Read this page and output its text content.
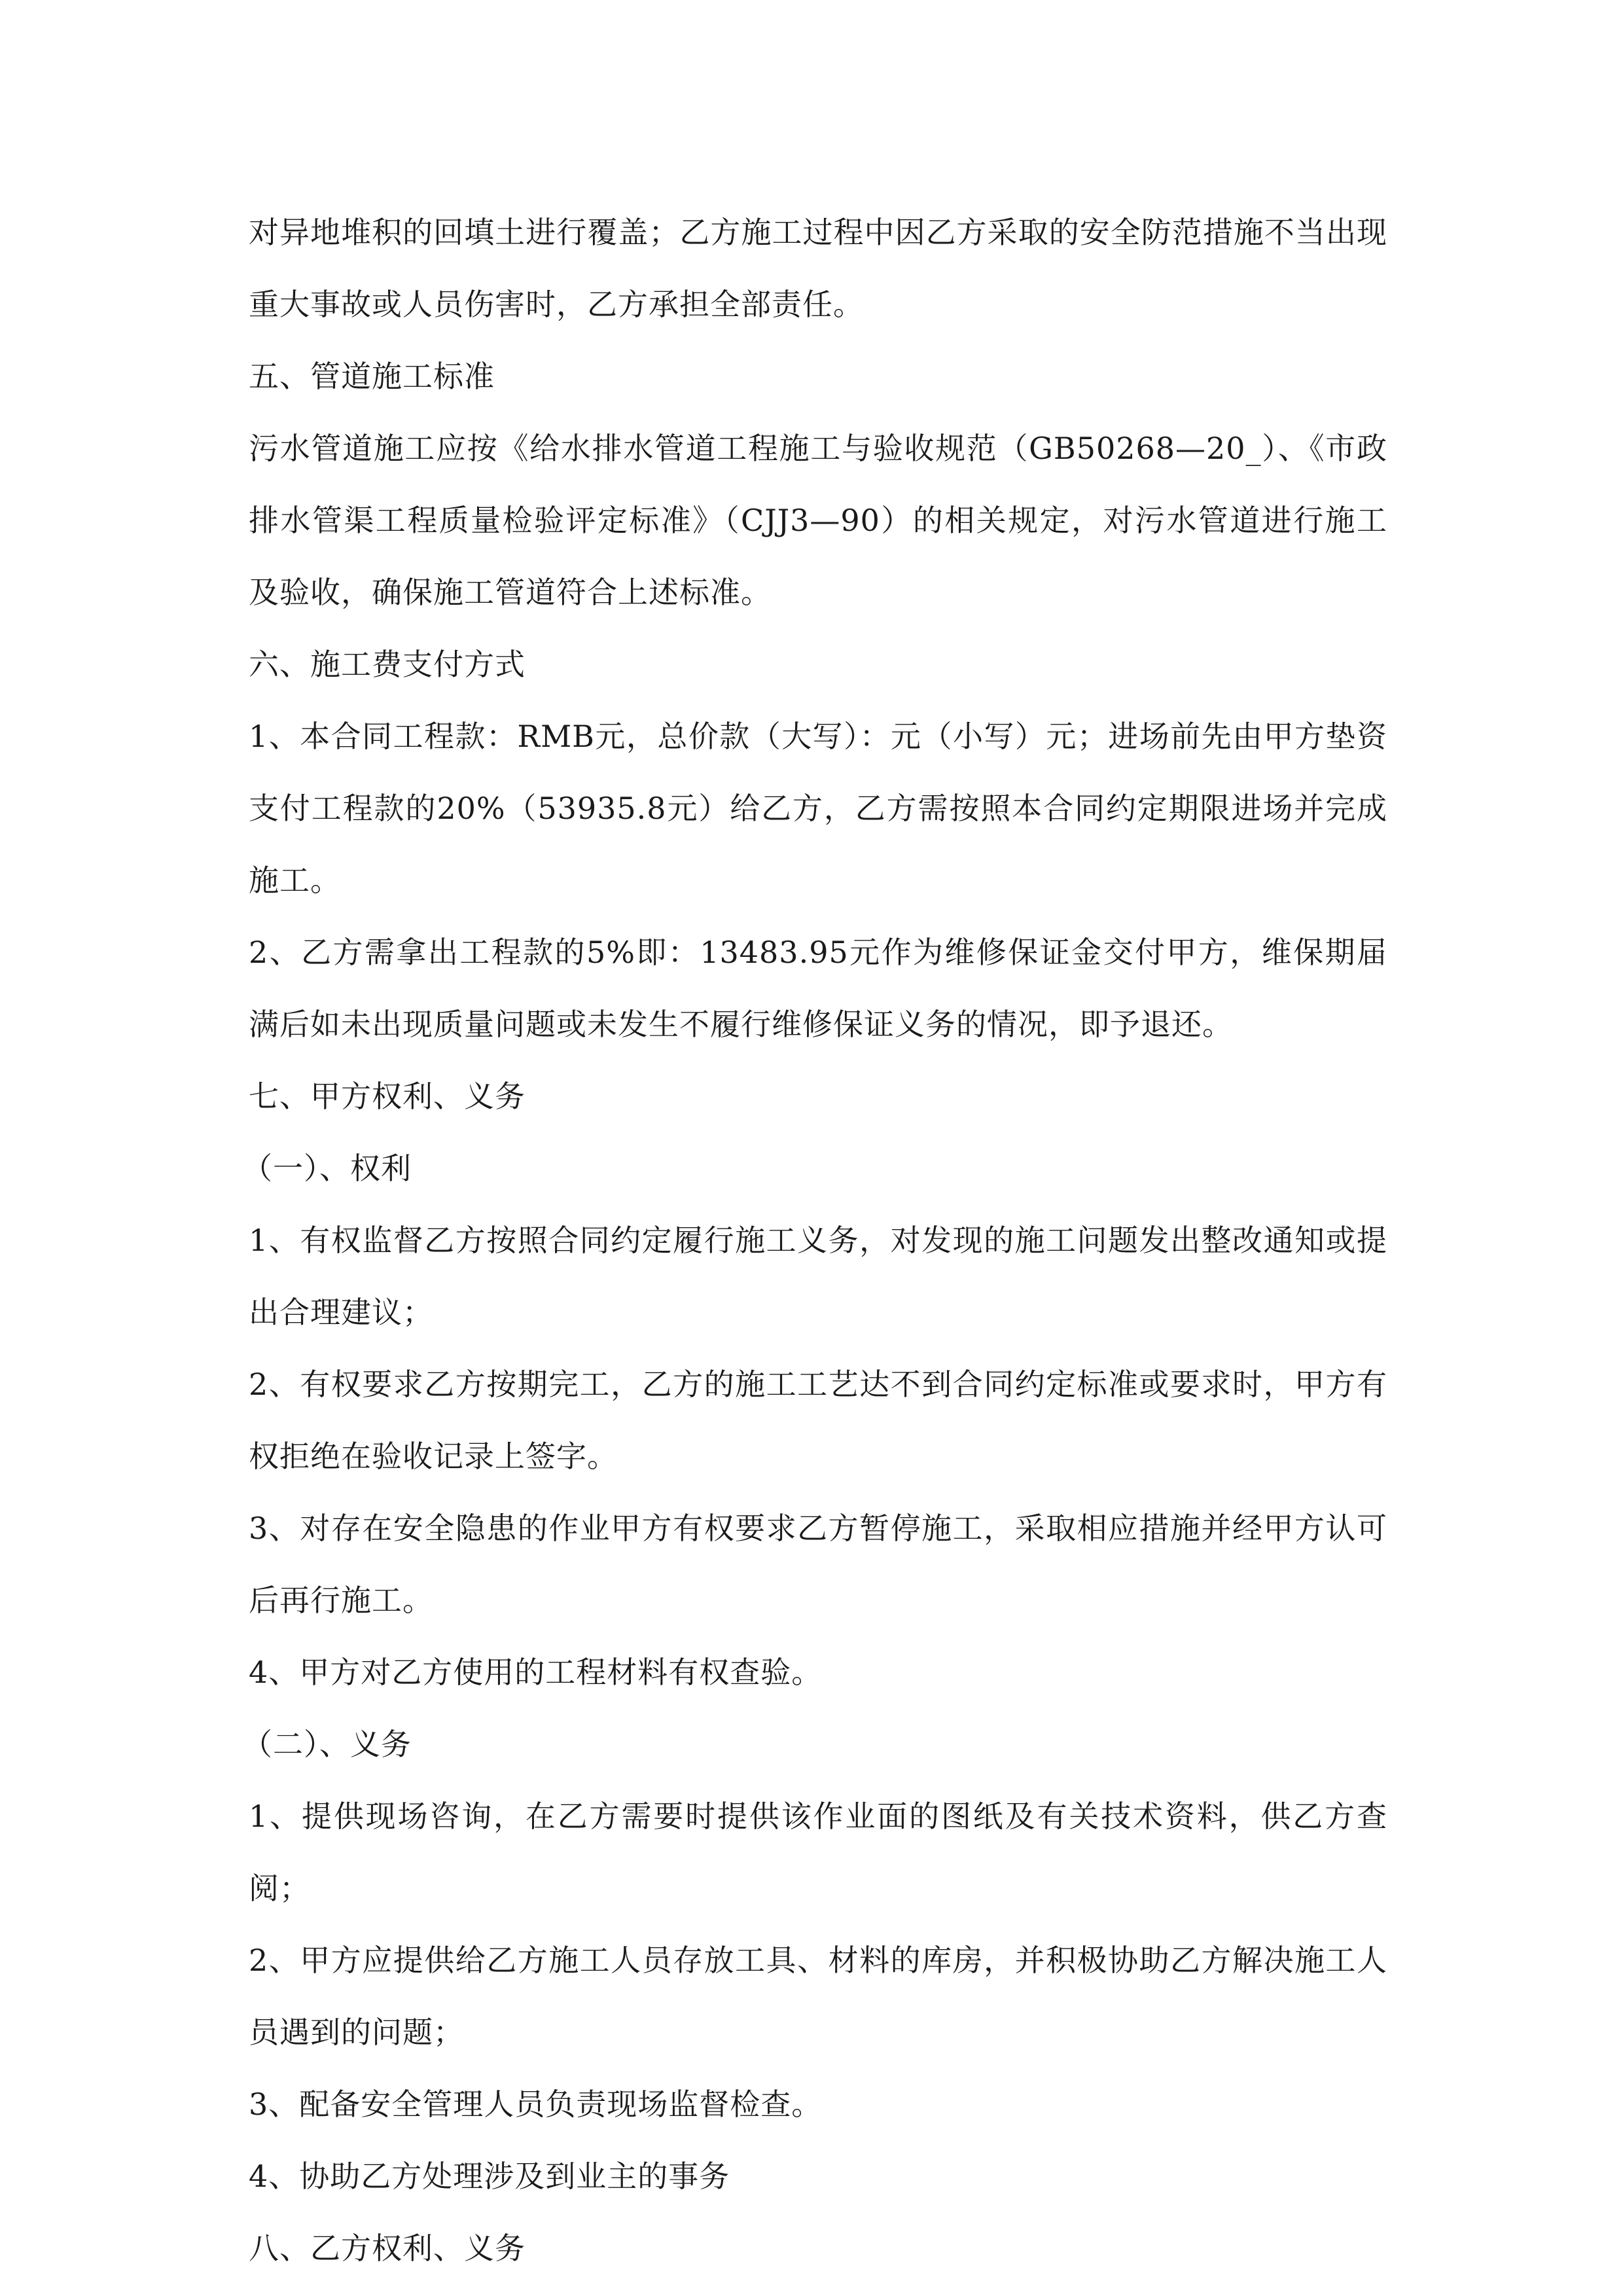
对异地堆积的回填土进行覆盖；乙方施工过程中因乙方采取的安全防范措施不当出现重大事故或人员伤害时，乙方承担全部责任。

五、管道施工标准

污水管道施工应按《给水排水管道工程施工与验收规范（GB50268—20_）、《市政排水管渠工程质量检验评定标准》（CJJ3—90）的相关规定，对污水管道进行施工及验收，确保施工管道符合上述标准。

六、施工费支付方式

1、本合同工程款：RMB元，总价款（大写）：元（小写）元；进场前先由甲方垫资支付工程款的20%（53935.8元）给乙方，乙方需按照本合同约定期限进场并完成施工。

2、乙方需拿出工程款的5%即：13483.95元作为维修保证金交付甲方，维保期届满后如未出现质量问题或未发生不履行维修保证义务的情况，即予退还。

七、甲方权利、义务

（一）、权利

1、有权监督乙方按照合同约定履行施工义务，对发现的施工问题发出整改通知或提出合理建议；

2、有权要求乙方按期完工，乙方的施工工艺达不到合同约定标准或要求时，甲方有权拒绝在验收记录上签字。

3、对存在安全隐患的作业甲方有权要求乙方暂停施工，采取相应措施并经甲方认可后再行施工。

4、甲方对乙方使用的工程材料有权查验。

（二）、义务

1、提供现场咨询，在乙方需要时提供该作业面的图纸及有关技术资料，供乙方查阅；

2、甲方应提供给乙方施工人员存放工具、材料的库房，并积极协助乙方解决施工人员遇到的问题；

3、配备安全管理人员负责现场监督检查。

4、协助乙方处理涉及到业主的事务

八、乙方权利、义务
